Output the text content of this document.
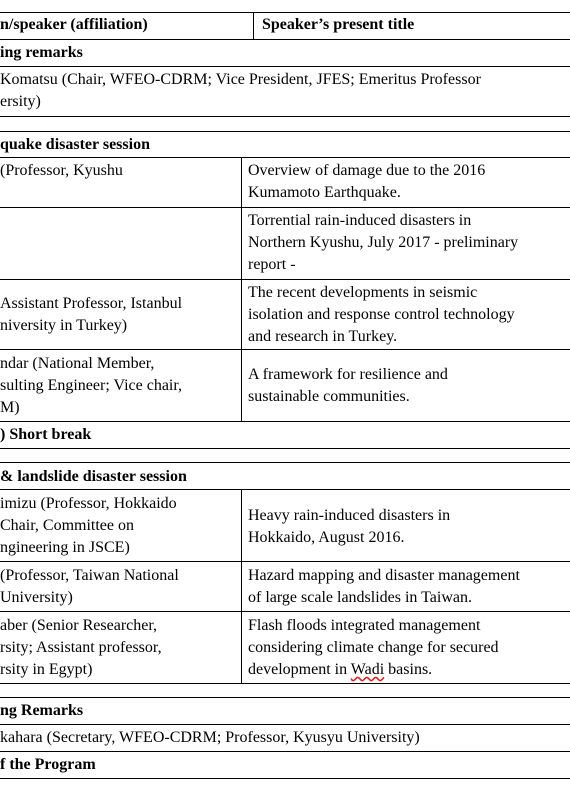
n/speaker (affiliation)	Speaker’s present title
ing remarks
Komatsu (Chair, WFEO-CDRM; Vice President, JFES; Emeritus Professor
ersity)
quake disaster session
(Professor, Kyushu	Overview of damage due to the 2016
Kumamoto Earthquake.
Torrential rain-induced disasters in
Northern Kyushu, July 2017 - preliminary
report -
Assistant Professor, Istanbul
niversity in Turkey)
The recent developments in seismic
isolation and response control technology
and research in Turkey.
ndar (National Member,
sulting Engineer; Vice chair,
M)
A framework for resilience and
sustainable communities.
) Short break
& landslide disaster session
imizu (Professor, Hokkaido
Chair, Committee on
ngineering in JSCE)
Heavy rain-induced disasters in
Hokkaido, August 2016.
(Professor, Taiwan National
University)
Hazard mapping and disaster management
of large scale landslides in Taiwan.
aber (Senior Researcher,
rsity; Assistant professor,
rsity in Egypt)
Flash floods integrated management
considering climate change for secured
development in Wadi basins.
ng Remarks
kahara (Secretary, WFEO-CDRM; Professor, Kyusyu University)
f the Program
